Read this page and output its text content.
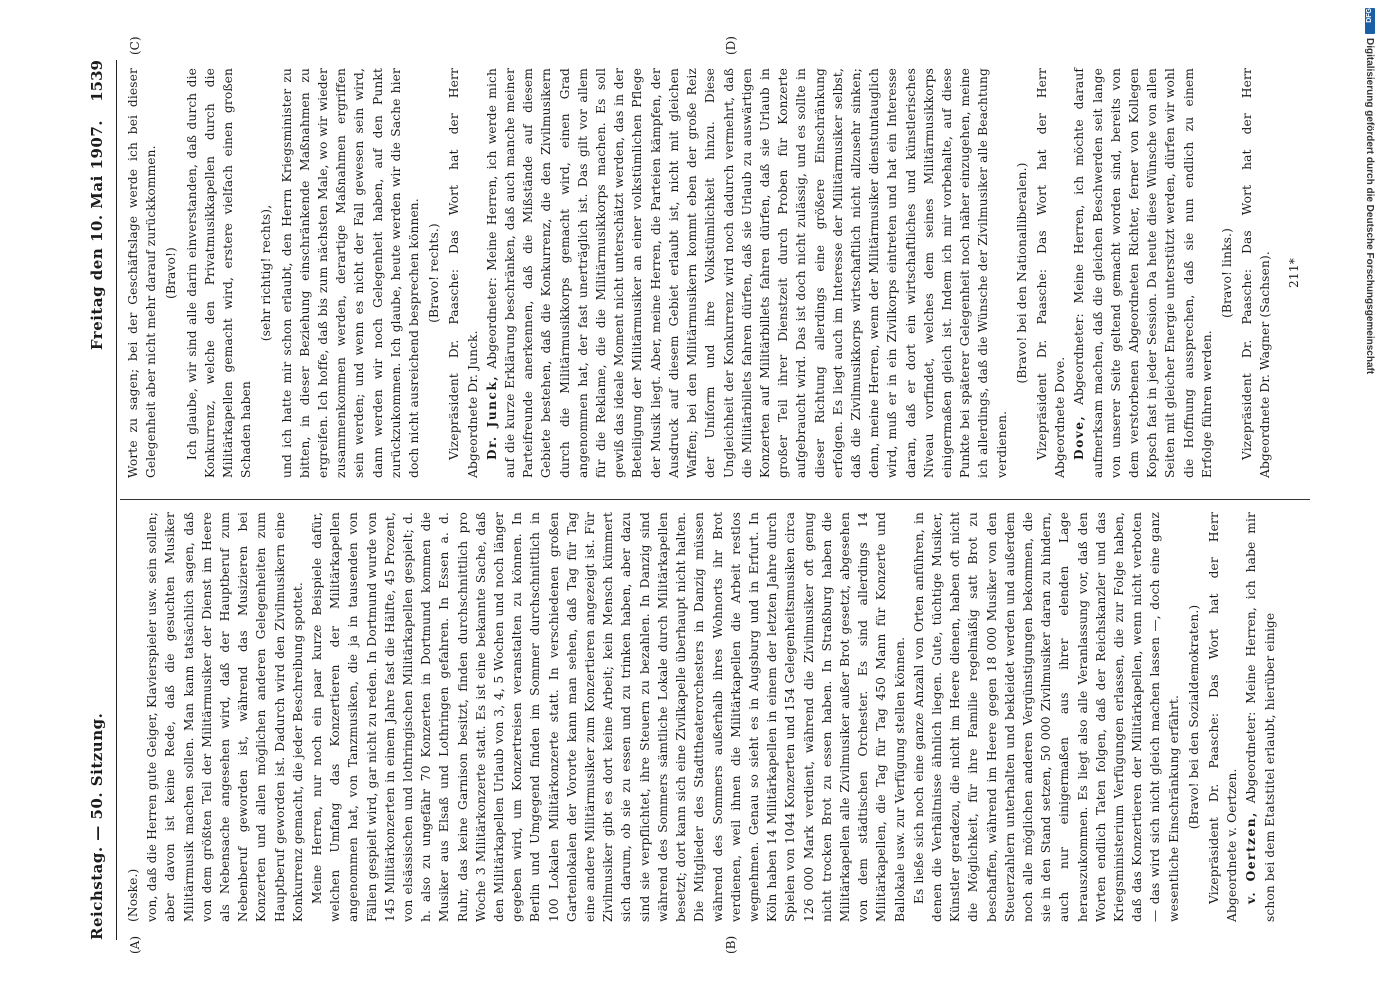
Reichstag. — 50. Sitzung.
Freitag den 10. Mai 1907.
1539
(A)	(B)
(C)	(D)

(Noske.) von, daß die Herren gute Geiger, Klavierspieler usw. sein sollen; aber davon ist keine Rede, daß die gesuchten Musiker Militärmusik machen sollen. Man kann tatsächlich sagen, daß von dem größten Teil der Militärmusiker der Dienst im Heere als Nebensache angesehen wird, daß der Hauptberuf zum Nebenberuf geworden ist, während das Musizieren bei Konzerten und allen möglichen anderen Gelegenheiten zum Hauptberuf geworden ist. Dadurch wird den Zivilmusikern eine Konkurrenz gemacht, die jeder Beschreibung spottet. Meine Herren, nur noch ein paar kurze Beispiele dafür, welchen Umfang das Konzertieren der Militärkapellen angenommen hat, von Tanzmusiken, die ja in tausenden von Fällen gespielt wird, gar nicht zu reden. In Dortmund wurde von 145 Militärkonzerten in einem Jahre fast die Hälfte, 45 Prozent, von elsässischen und lothringischen Militärkapellen gespielt; d. h. also zu ungefähr 70 Konzerten in Dortmund kommen die Musiker aus Elsaß und Lothringen gefahren. In Essen a. d. Ruhr, das keine Garnison besitzt, finden durchschnittlich pro Woche 3 Militärkonzerte statt. Es ist eine bekannte Sache, daß den Militärkapellen Urlaub von 3, 4, 5 Wochen und noch länger gegeben wird, um Konzertreisen veranstalten zu können. In Berlin und Umgegend finden im Sommer durchschnittlich in 100 Lokalen Militärkonzerte statt. In verschiedenen großen Gartenlokalen der Vororte kann man sehen, daß Tag für Tag eine andere Militärmusiker zum Konzertieren angezeigt ist. Für Zivilmusiker gibt es dort keine Arbeit; kein Mensch kümmert sich darum, ob sie zu essen und zu trinken haben, aber dazu sind sie verpflichtet, ihre Steuern zu bezahlen. In Danzig sind während des Sommers sämtliche Lokale durch Militärkapellen besetzt; dort kann sich eine Zivilkapelle überhaupt nicht halten. Die Mitglieder des Stadttheaterorchesters in Danzig müssen während des Sommers außerhalb ihres Wohnorts ihr Brot verdienen, weil ihnen die Militärkapellen die Arbeit restlos wegnehmen. Genau so sieht es in Augsburg und in Erfurt. In Köln haben 14 Militärkapellen in einem der letzten Jahre durch Spielen von 1044 Konzerten und 154 Gelegenheitsmusiken circa 126 000 Mark verdient, während die Zivilmusiker oft genug nicht trocken Brot zu essen haben. In Straßburg haben die Militärkapellen alle Zivilmusiker außer Brot gesetzt, abgesehen von dem städtischen Orchester. Es sind allerdings 14 Militärkapellen, die Tag für Tag 450 Mann für Konzerte und Ballokale usw. zur Verfügung stellen können. Es ließe sich noch eine ganze Anzahl von Orten anführen, in denen die Verhältnisse ähnlich liegen. Gute, tüchtige Musiker, Künstler geradezu, die nicht im Heere dienen, haben oft nicht die Möglichkeit, für ihre Familie regelmäßig satt Brot zu beschaffen, während im Heere gegen 18 000 Musiker von den Steuerzahlern unterhalten und bekleidet werden und außerdem noch alle möglichen anderen Vergünstigungen bekommen, die sie in den Stand setzen, 50 000 Zivilmusiker daran zu hindern, auch nur einigermaßen aus ihrer elenden Lage herauszukommen. Es liegt also alle Veranlassung vor, daß den Worten endlich Taten folgen, daß der Reichskanzler und das Kriegsministerium Verfügungen erlassen, die zur Folge haben, daß das Konzertieren der Militärkapellen, wenn nicht verboten — das wird sich nicht gleich machen lassen —, doch eine ganz wesentliche Einschränkung erfährt. (Bravo! bei den Sozialdemokraten.) Vizepräsident Dr. Paasche: Das Wort hat der Herr Abgeordnete v. Oertzen. v. Oertzen, Abgeordneter: Meine Herren, ich habe mir schon bei dem Etatstitel erlaubt, hierüber einige

Worte zu sagen; bei der Geschäftslage werde ich bei dieser Gelegenheit aber nicht mehr darauf zurückkommen. (Bravo!) Ich glaube, wir sind alle darin einverstanden, daß durch die Konkurrenz, welche den Privatmusikkapellen durch die Militärkapellen gemacht wird, erstere vielfach einen großen Schaden haben

(sehr richtig! rechts), und ich hatte mir schon erlaubt, den Herrn Kriegsminister zu bitten, in dieser Beziehung einschränkende Maßnahmen zu ergreifen. Ich hoffe, daß bis zum nächsten Male, wo wir wieder zusammenkommen werden, derartige Maßnahmen ergriffen sein werden; und wenn es nicht der Fall gewesen sein wird, dann werden wir noch Gelegenheit haben, auf den Punkt zurückzukommen. Ich glaube, heute werden wir die Sache hier doch nicht ausreichend besprechen können. (Bravo! rechts.) Vizepräsident Dr. Paasche: Das Wort hat der Herr Abgeordnete Dr. Junck. Dr. Junck, Abgeordneter: Meine Herren, ich werde mich auf die kurze Erklärung beschränken, daß auch manche meiner Parteifreunde anerkennen, daß die Mißstände auf diesem Gebiete bestehen, daß die Konkurrenz, die den Zivilmusikern durch die Militärmusikkorps gemacht wird, einen Grad angenommen hat, der fast unerträglich ist. Das gilt vor allem für die Reklame, die die Militärmusikkorps machen. Es soll gewiß das ideale Moment nicht unterschätzt werden, das in der Beteiligung der Militärmusiker an einer volkstümlichen Pflege der Musik liegt. Aber, meine Herren, die Parteien kämpfen, der Ausdruck auf diesem Gebiet erlaubt ist, nicht mit gleichen Waffen; bei den Militärmusikern kommt eben der große Reiz der Uniform und ihre Volkstümlichkeit hinzu. Diese Ungleichheit der Konkurrenz wird noch dadurch vermehrt, daß die Militärbillets fahren dürfen, daß sie Urlaub zu auswärtigen Konzerten auf Militärbillets fahren dürfen, daß sie Urlaub in großer Teil ihrer Dienstzeit durch Proben für Konzerte aufgebraucht wird. Das ist doch nicht zulässig, und es sollte in dieser Richtung allerdings eine größere Einschränkung erfolgen. Es liegt auch im Interesse der Militärmusiker selbst, daß die Zivilmusikkorps wirtschaftlich nicht allzusehr sinken; denn, meine Herren, wenn der Militärmusiker dienstuntauglich wird, muß er in ein Zivilkorps eintreten und hat ein Interesse daran, daß er dort ein wirtschaftliches und künstlerisches Niveau vorfindet, welches dem seines Militärmusikkorps einigermaßen gleich ist. Indem ich mir vorbehalte, auf diese Punkte bei späterer Gelegenheit noch näher einzugehen, meine ich allerdings, daß die Wünsche der Zivilmusiker alle Beachtung verdienen.

(Bravo! bei den Nationalliberalen.) Vizepräsident Dr. Paasche: Das Wort hat der Herr Abgeordnete Dove. Dove, Abgeordneter: Meine Herren, ich möchte darauf aufmerksam machen, daß die gleichen Beschwerden seit lange von unserer Seite geltend gemacht worden sind, bereits von dem verstorbenen Abgeordneten Richter, ferner von Kollegen Kopsch fast in jeder Session. Da heute diese Wünsche von allen Seiten mit gleicher Energie unterstützt werden, dürfen wir wohl die Hoffnung aussprechen, daß sie nun endlich zu einem Erfolge führen werden.

(Bravo! links.) Vizepräsident Dr. Paasche: Das Wort hat der Herr Abgeordnete Dr. Wagner (Sachsen). 211*

DFG
Digitalisierung gefördert durch die Deutsche Forschungsgemeinschaft
